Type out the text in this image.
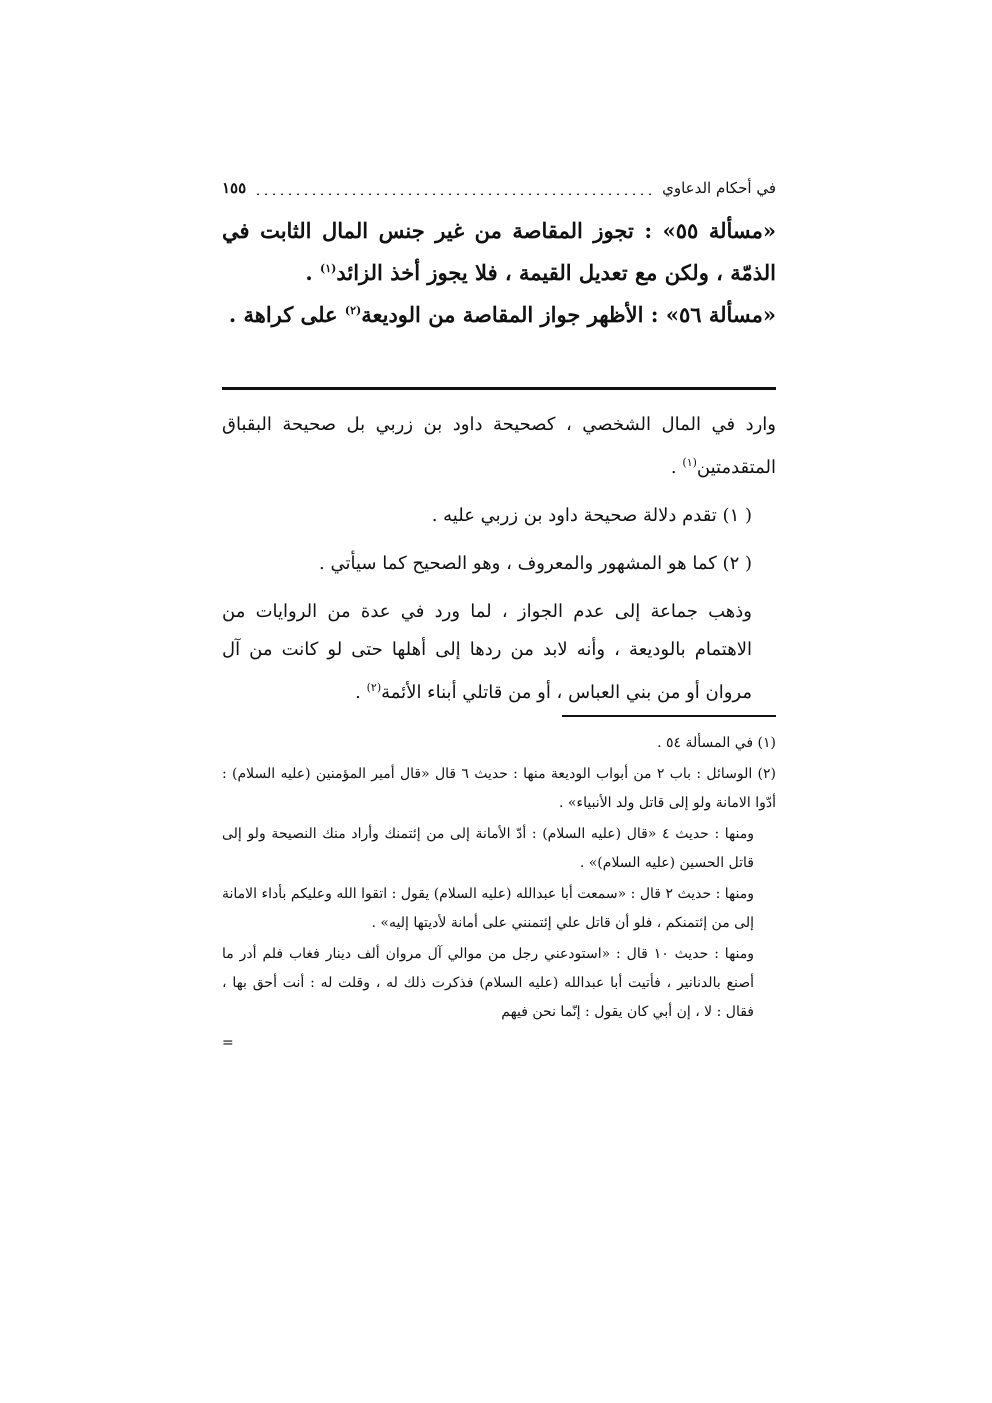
في أحكام الدعاوي
١٥٥

«مسألة ٥٥» : تجوز المقاصة من غير جنس المال الثابت في الذمّة ، ولكن مع تعديل القيمة ، فلا يجوز أخذ الزائد$^{(١)}$ .

«مسألة ٥٦» : الأظهر جواز المقاصة من الوديعة$^{(٢)}$ على كراهة .

وارد في المال الشخصي ، كصحيحة داود بن زربي بل صحيحة البقباق المتقدمتين$^{(١)}$ .

( ١) تقدم دلالة صحيحة داود بن زربي عليه .

( ٢) كما هو المشهور والمعروف ، وهو الصحيح كما سيأتي .

وذهب جماعة إلى عدم الجواز ، لما ورد في عدة من الروايات من الاهتمام بالوديعة ، وأنه لابد من ردها إلى أهلها حتى لو كانت من آل مروان أو من بني العباس ، أو من قاتلي أبناء الأئمة$^{(٢)}$ .

(١) في المسألة ٥٤ .

(٢) الوسائل : باب ٢ من أبواب الوديعة منها : حديث ٦ قال «قال أمير المؤمنين (عليه السلام) : أدّوا الامانة ولو إلى قاتل ولد الأنبياء» .

ومنها : حديث ٤ «قال (عليه السلام) : أدّ الأمانة إلى من إئتمنك وأراد منك النصيحة ولو إلى قاتل الحسين (عليه السلام)» .

ومنها : حديث ٢ قال : «سمعت أبا عبدالله (عليه السلام) يقول : اتقوا الله وعليكم بأداء الامانة إلى من إئتمنكم ، فلو أن قاتل علي إئتمنني على أمانة لأديتها إليه» .

ومنها : حديث ١٠ قال : «استودعني رجل من موالي آل مروان ألف دينار فغاب فلم أدر ما أصنع بالدنانير ، فأتيت أبا عبدالله (عليه السلام) فذكرت ذلك له ، وقلت له : أنت أحق بها ، فقال : لا ، إن أبي كان يقول : إنّما نحن فيهم

=
